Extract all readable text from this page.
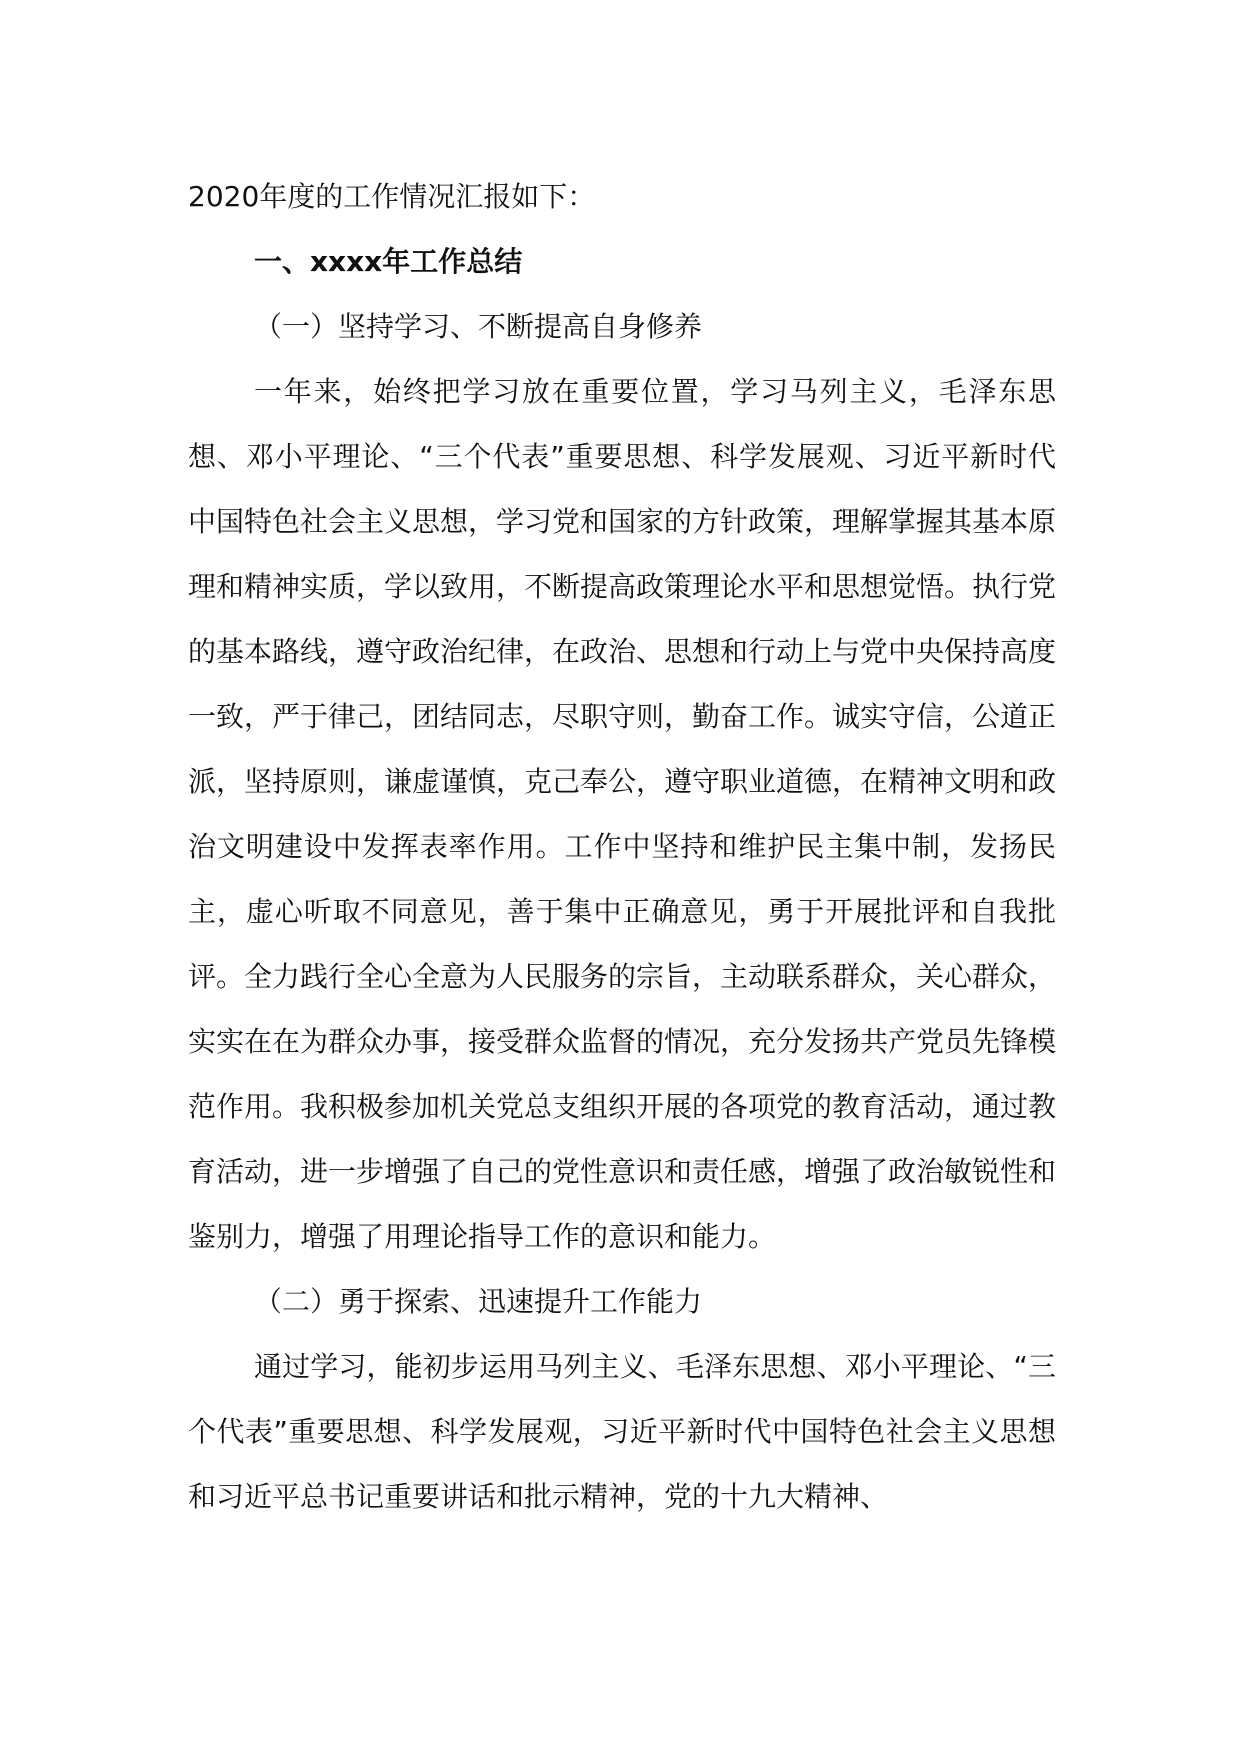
2020年度的工作情况汇报如下：

一、xxxx年工作总结

（一）坚持学习、不断提高自身修养

一年来，始终把学习放在重要位置，学习马列主义，毛泽东思想、邓小平理论、“三个代表”重要思想、科学发展观、习近平新时代中国特色社会主义思想，学习党和国家的方针政策，理解掌握其基本原理和精神实质，学以致用，不断提高政策理论水平和思想觉悟。执行党的基本路线，遵守政治纪律，在政治、思想和行动上与党中央保持高度一致，严于律己，团结同志，尽职守则，勤奋工作。诚实守信，公道正派，坚持原则，谦虚谨慎，克己奉公，遵守职业道德，在精神文明和政治文明建设中发挥表率作用。工作中坚持和维护民主集中制，发扬民主，虚心听取不同意见，善于集中正确意见，勇于开展批评和自我批评。全力践行全心全意为人民服务的宗旨，主动联系群众，关心群众，实实在在为群众办事，接受群众监督的情况，充分发扬共产党员先锋模范作用。我积极参加机关党总支组织开展的各项党的教育活动，通过教育活动，进一步增强了自己的党性意识和责任感，增强了政治敏锐性和鉴别力，增强了用理论指导工作的意识和能力。

（二）勇于探索、迅速提升工作能力

通过学习，能初步运用马列主义、毛泽东思想、邓小平理论、“三个代表”重要思想、科学发展观，习近平新时代中国特色社会主义思想和习近平总书记重要讲话和批示精神，党的十九大精神、
